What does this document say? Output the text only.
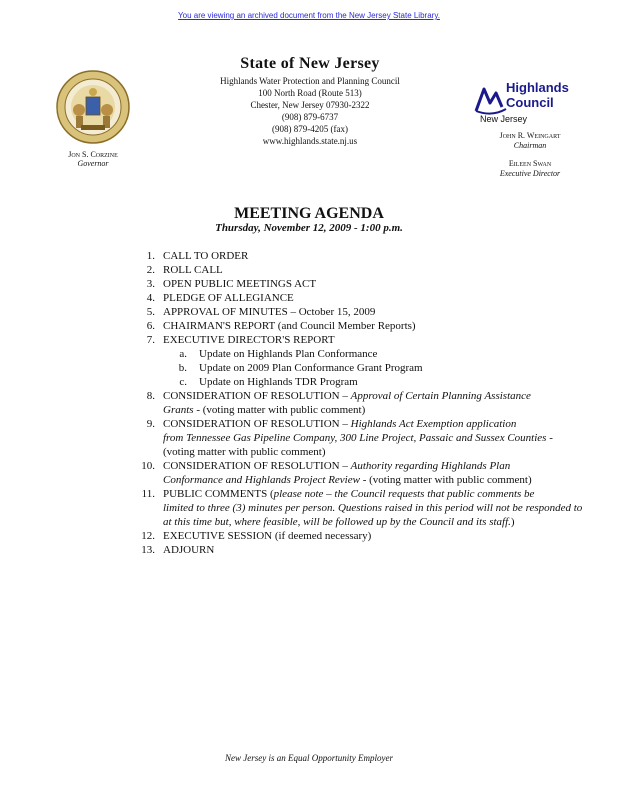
You are viewing an archived document from the New Jersey State Library.
Jon S. Corzine
Governor
State of New Jersey
Highlands Water Protection and Planning Council
100 North Road (Route 513)
Chester, New Jersey 07930-2322
(908) 879-6737
(908) 879-4205 (fax)
www.highlands.state.nj.us
Highlands
Council
New Jersey
John R. Weingart
Chairman
Eileen Swan
Executive Director
MEETING AGENDA
Thursday, November 12, 2009 - 1:00 p.m.
1. CALL TO ORDER
2. ROLL CALL
3. OPEN PUBLIC MEETINGS ACT
4. PLEDGE OF ALLEGIANCE
5. APPROVAL OF MINUTES – October 15, 2009
6. CHAIRMAN'S REPORT (and Council Member Reports)
7. EXECUTIVE DIRECTOR'S REPORT
a. Update on Highlands Plan Conformance
b. Update on 2009 Plan Conformance Grant Program
c. Update on Highlands TDR Program
8. CONSIDERATION OF RESOLUTION – Approval of Certain Planning Assistance
Grants - (voting matter with public comment)
9. CONSIDERATION OF RESOLUTION – Highlands Act Exemption application
from Tennessee Gas Pipeline Company, 300 Line Project, Passaic and Sussex Counties -
(voting matter with public comment)
10. CONSIDERATION OF RESOLUTION – Authority regarding Highlands Plan
Conformance and Highlands Project Review - (voting matter with public comment)
11. PUBLIC COMMENTS (please note – the Council requests that public comments be
limited to three (3) minutes per person. Questions raised in this period will not be responded to
at this time but, where feasible, will be followed up by the Council and its staff.)
12. EXECUTIVE SESSION (if deemed necessary)
13. ADJOURN
New Jersey is an Equal Opportunity Employer
